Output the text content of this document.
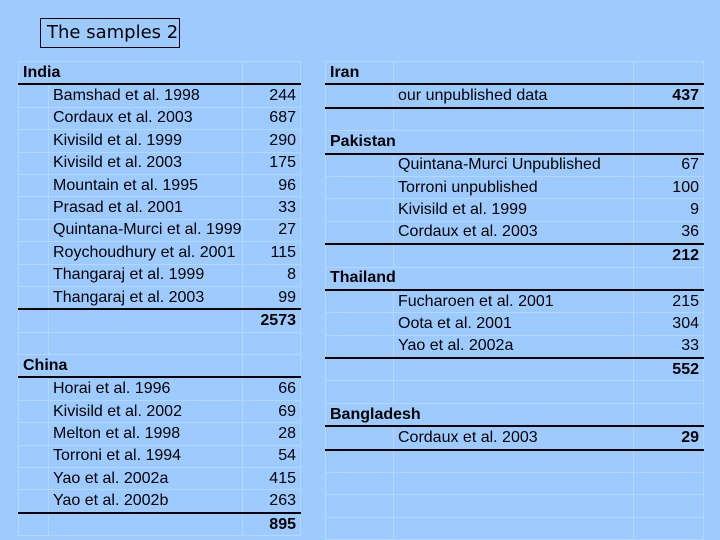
The samples 2
India		
	Bamshad et al. 1998	244
	Cordaux et al. 2003	687
	Kivisild et al. 1999	290
	Kivisild et al. 2003	175
	Mountain et al. 1995	96
	Prasad et al. 2001	33
	Quintana-Murci et al. 1999	27
	Roychoudhury et al. 2001	115
	Thangaraj et al. 1999	8
	Thangaraj et al. 2003	99
		2573

China		
	Horai et al. 1996	66
	Kivisild et al. 2002	69
	Melton et al. 1998	28
	Torroni et al. 1994	54
	Yao et al. 2002a	415
	Yao et al. 2002b	263
		895
Iran		
	our unpublished data	437

Pakistan		
	Quintana-Murci Unpublished	67
	Torroni unpublished	100
	Kivisild et al. 1999	9
	Cordaux et al. 2003	36
		212
Thailand		
	Fucharoen et al. 2001	215
	Oota et al. 2001	304
	Yao et al. 2002a	33
		552

Bangladesh		
	Cordaux et al. 2003	29
